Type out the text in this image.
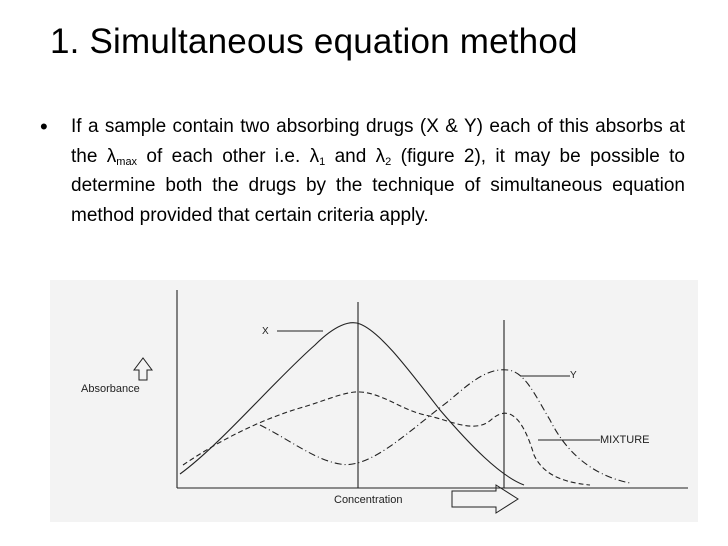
1. Simultaneous equation method
• If a sample contain two absorbing drugs (X & Y) each of this absorbs at the $\lambda_{max}$ of each other i.e. $\lambda_1$ and $\lambda_2$ (figure 2), it may be possible to determine both the drugs by the technique of simultaneous equation method provided that certain criteria apply.
X
Y
MIXTURE
Absorbance
Concentration
